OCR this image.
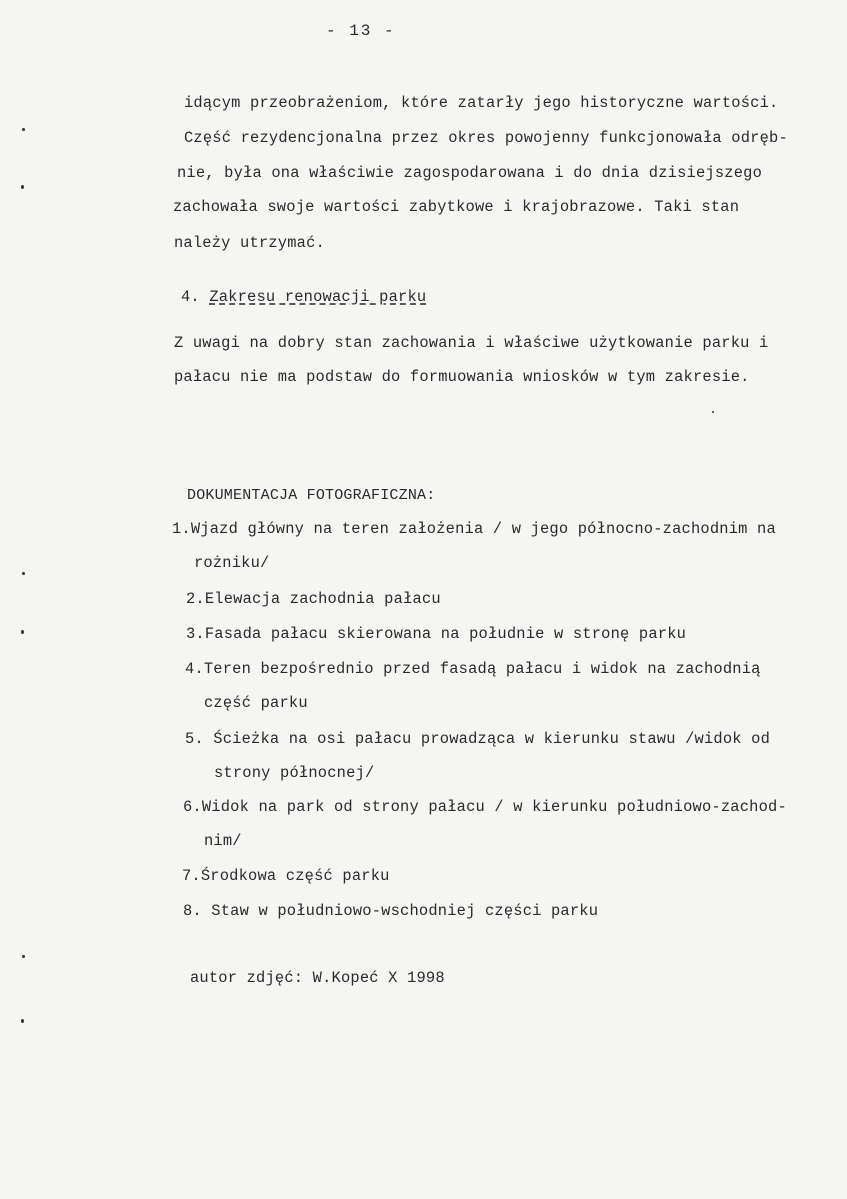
- 13 -
idącym przeobrażeniom, które zatarły jego historyczne wartości.
Część rezydencjonalna przez okres powojenny funkcjonowała odręb-
nie, była ona właściwie zagospodarowana i do dnia dzisiejszego
zachowała swoje wartości zabytkowe i krajobrazowe. Taki stan
należy utrzymać.
4. Zakresu renowacji parku
Z uwagi na dobry stan zachowania i właściwe użytkowanie parku i
pałacu nie ma podstaw do formuowania wniosków w tym zakresie.
DOKUMENTACJA FOTOGRAFICZNA:
1.Wjazd główny na teren założenia / w jego północno-zachodnim na
rożniku/
2.Elewacja zachodnia pałacu
3.Fasada pałacu skierowana na południe w stronę parku
4.Teren bezpośrednio przed fasadą pałacu i widok na zachodnią
część parku
5. Ścieżka na osi pałacu prowadząca w kierunku stawu /widok od
strony północnej/
6.Widok na park od strony pałacu / w kierunku południowo-zachod-
nim/
7.Środkowa część parku
8. Staw w południowo-wschodniej części parku
autor zdjęć: W.Kopeć X 1998
